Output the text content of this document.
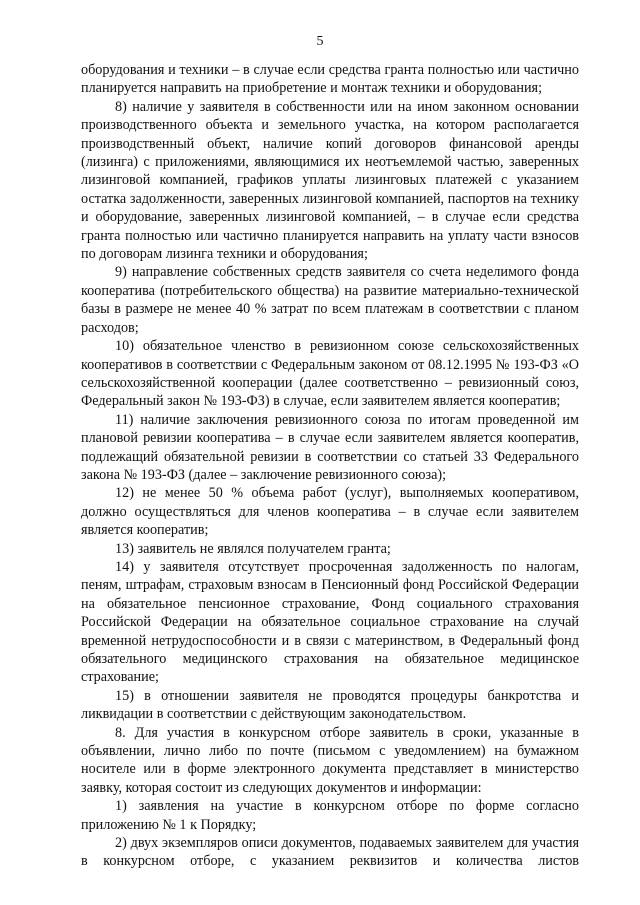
5

оборудования и техники – в случае если средства гранта полностью или частично планируется направить на приобретение и монтаж техники и оборудования;

8) наличие у заявителя в собственности или на ином законном основании производственного объекта и земельного участка, на котором располагается производственный объект, наличие копий договоров финансовой аренды (лизинга) с приложениями, являющимися их неотъемлемой частью, заверенных лизинговой компанией, графиков уплаты лизинговых платежей с указанием остатка задолженности, заверенных лизинговой компанией, паспортов на технику и оборудование, заверенных лизинговой компанией, – в случае если средства гранта полностью или частично планируется направить на уплату части взносов по договорам лизинга техники и оборудования;

9) направление собственных средств заявителя со счета неделимого фонда кооператива (потребительского общества) на развитие материально-технической базы в размере не менее 40 % затрат по всем платежам в соответствии с планом расходов;

10) обязательное членство в ревизионном союзе сельскохозяйственных кооперативов в соответствии с Федеральным законом от 08.12.1995 № 193-ФЗ «О сельскохозяйственной кооперации (далее соответственно – ревизионный союз, Федеральный закон № 193-ФЗ) в случае, если заявителем является кооператив;

11) наличие заключения ревизионного союза по итогам проведенной им плановой ревизии кооператива – в случае если заявителем является кооператив, подлежащий обязательной ревизии в соответствии со статьей 33 Федерального закона № 193-ФЗ (далее – заключение ревизионного союза);

12) не менее 50 % объема работ (услуг), выполняемых кооперативом, должно осуществляться для членов кооператива – в случае если заявителем является кооператив;

13) заявитель не являлся получателем гранта;

14) у заявителя отсутствует просроченная задолженность по налогам, пеням, штрафам, страховым взносам в Пенсионный фонд Российской Федерации на обязательное пенсионное страхование, Фонд социального страхования Российской Федерации на обязательное социальное страхование на случай временной нетрудоспособности и в связи с материнством, в Федеральный фонд обязательного медицинского страхования на обязательное медицинское страхование;

15) в отношении заявителя не проводятся процедуры банкротства и ликвидации в соответствии с действующим законодательством.

8. Для участия в конкурсном отборе заявитель в сроки, указанные в объявлении, лично либо по почте (письмом с уведомлением) на бумажном носителе или в форме электронного документа представляет в министерство заявку, которая состоит из следующих документов и информации:

1) заявления на участие в конкурсном отборе по форме согласно приложению № 1 к Порядку;

2) двух экземпляров описи документов, подаваемых заявителем для участия в конкурсном отборе, с указанием реквизитов и количества листов
